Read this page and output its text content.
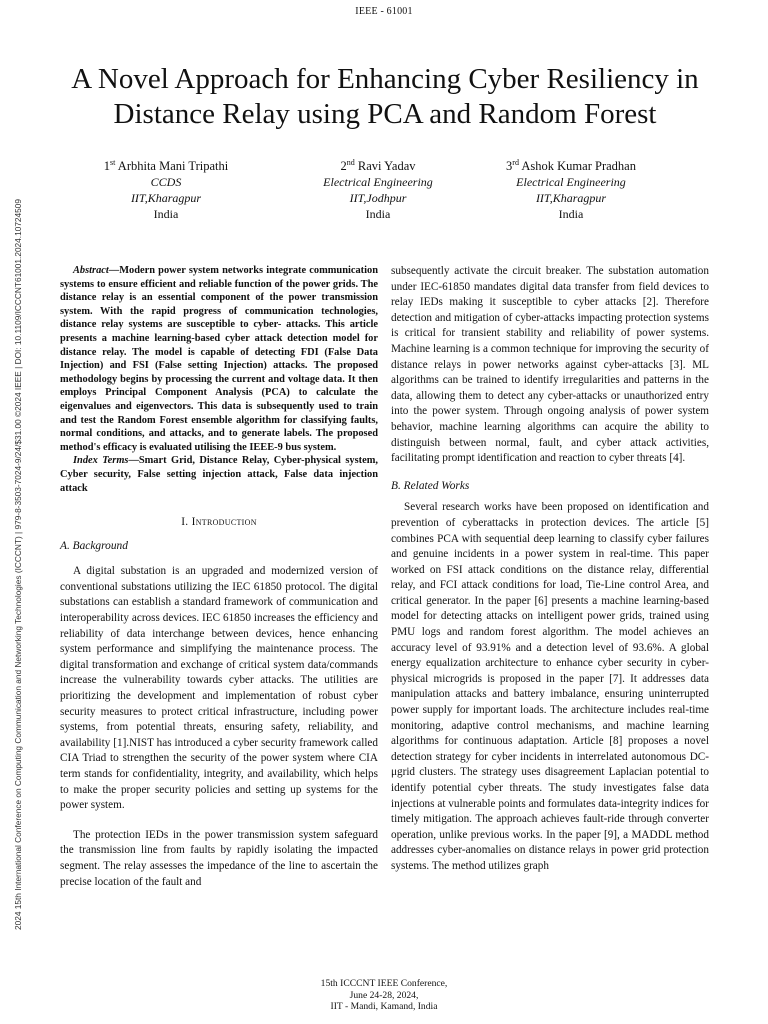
IEEE - 61001
2024 15th International Conference on Computing Communication and Networking Technologies (ICCCNT) | 979-8-3503-7024-9/24/$31.00 ©2024 IEEE | DOI: 10.1109/ICCCNT61001.2024.10724509
A Novel Approach for Enhancing Cyber Resiliency in Distance Relay using PCA and Random Forest
1st Arbhita Mani Tripathi
CCDS
IIT,Kharagpur
India
2nd Ravi Yadav
Electrical Engineering
IIT,Jodhpur
India
3rd Ashok Kumar Pradhan
Electrical Engineering
IIT,Kharagpur
India

Abstract—Modern power system networks integrate communication systems to ensure efficient and reliable function of the power grids. The distance relay is an essential component of the power transmission system. With the rapid progress of communication technologies, distance relay systems are susceptible to cyber- attacks. This article presents a machine learning-based cyber attack detection model for distance relay. The model is capable of detecting FDI (False Data Injection) and FSI (False setting Injection) attacks. The proposed methodology begins by processing the current and voltage data. It then employs Principal Component Analysis (PCA) to calculate the eigenvalues and eigenvectors. This data is subsequently used to train and test the Random Forest ensemble algorithm for classifying faults, normal conditions, and attacks, and to generate labels. The proposed method's efficacy is evaluated utilising the IEEE-9 bus system.

Index Terms—Smart Grid, Distance Relay, Cyber-physical system, Cyber security, False setting injection attack, False data injection attack

I. Introduction
A. Background

A digital substation is an upgraded and modernized version of conventional substations utilizing the IEC 61850 protocol. The digital substations can establish a standard framework of communication and interoperability across devices. IEC 61850 increases the efficiency and reliability of data interchange between devices, hence enhancing system performance and simplifying the maintenance process. The digital transformation and exchange of critical system data/commands increase the vulnerability towards cyber attacks. The utilities are prioritizing the development and implementation of robust cyber security measures to protect critical infrastructure, including power systems, from potential threats, ensuring safety, reliability, and availability [1].NIST has introduced a cyber security framework called CIA Triad to strengthen the security of the power system where CIA term stands for confidentiality, integrity, and availability, which helps to make the proper security policies and setting up systems for the power system.

The protection IEDs in the power transmission system safeguard the transmission line from faults by rapidly isolating the impacted segment. The relay assesses the impedance of the line to ascertain the precise location of the fault and

subsequently activate the circuit breaker. The substation automation under IEC-61850 mandates digital data transfer from field devices to relay IEDs making it susceptible to cyber attacks [2]. Therefore detection and mitigation of cyber-attacks impacting protection systems is critical for transient stability and reliability of power systems. Machine learning is a common technique for improving the security of distance relays in power networks against cyber-attacks [3]. ML algorithms can be trained to identify irregularities and patterns in the data, allowing them to detect any cyber-attacks or unauthorized entry into the power system. Through ongoing analysis of power system behavior, machine learning algorithms can acquire the ability to distinguish between normal, fault, and cyber attack activities, facilitating prompt identification and reaction to cyber threats [4].

B. Related Works

Several research works have been proposed on identification and prevention of cyberattacks in protection devices. The article [5] combines PCA with sequential deep learning to classify cyber failures and genuine incidents in a power system in real-time. This paper worked on FSI attack conditions on the distance relay, differential relay, and FCI attack conditions for load, Tie-Line control Area, and critical generator. In the paper [6] presents a machine learning-based model for detecting attacks on intelligent power grids, trained using PMU logs and random forest algorithm. The model achieves an accuracy level of 93.91% and a detection level of 93.6%. A global energy equalization architecture to enhance cyber security in cyber-physical microgrids is proposed in the paper [7]. It addresses data manipulation attacks and battery imbalance, ensuring uninterrupted power supply for important loads. The architecture includes real-time monitoring, adaptive control mechanisms, and machine learning algorithms for continuous adaptation. Article [8] proposes a novel detection strategy for cyber incidents in interrelated autonomous DC-μgrid clusters. The strategy uses disagreement Laplacian potential to identify potential cyber threats. The study investigates false data injections at vulnerable points and formulates data-integrity indices for timely mitigation. The approach achieves fault-ride through converter operation, unlike previous works. In the paper [9], a MADDL method addresses cyber-anomalies on distance relays in power grid protection systems. The method utilizes graph

15th ICCCNT IEEE Conference,
June 24-28, 2024,
IIT - Mandi, Kamand, India
